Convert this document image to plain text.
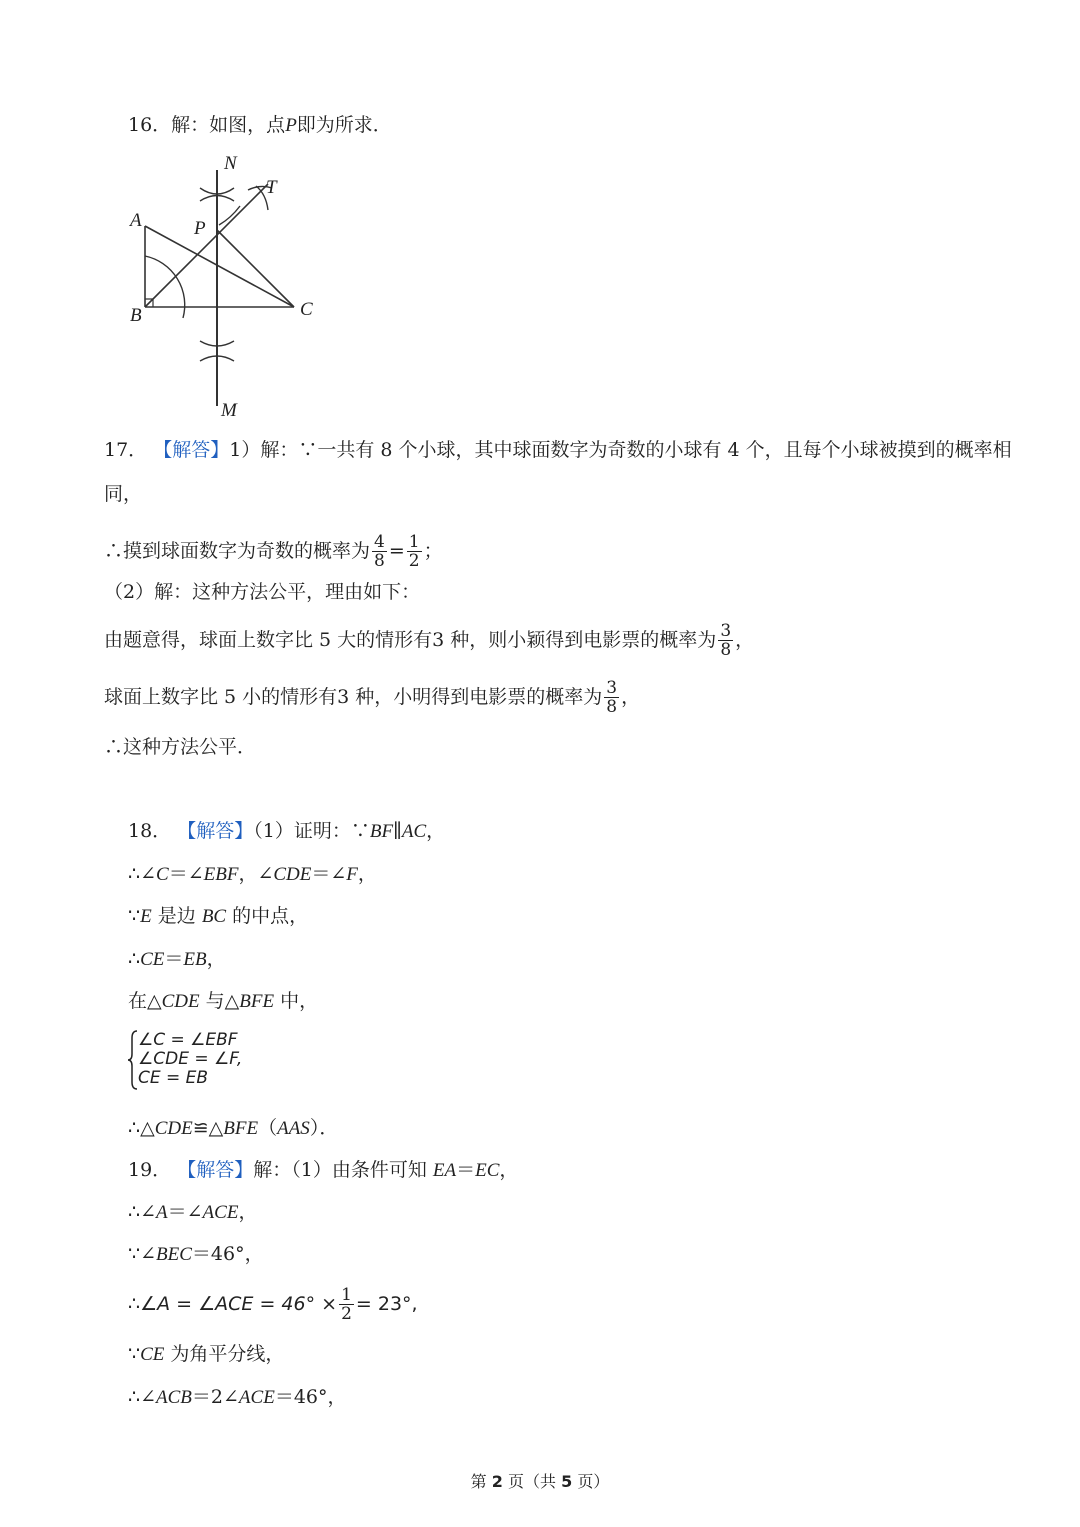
16．解：如图，点P即为所求．
N
T
A	P
B	C
M
17． 【解答】1）解：∵一共有 8 个小球，其中球面数字为奇数的小球有 4 个，且每个小球被摸到的概率相
同，
∴摸到球面数字为奇数的概率为 $\frac{4}{8} = \frac{1}{2}$ ；
（2）解：这种方法公平，理由如下：
由题意得，球面上数字比 5 大的情形有3 种，则小颖得到电影票的概率为 $\frac{3}{8}$ ，
球面上数字比 5 小的情形有3 种，小明得到电影票的概率为 $\frac{3}{8}$ ，
∴这种方法公平．
18． 【解答】（1）证明：∵BF∥AC，
∴∠C＝∠EBF，∠CDE＝∠F，
∵E 是边 BC 的中点，
∴CE＝EB，
在△CDE 与△BFE 中，
∠C = ∠EBF
∠CDE = ∠F,
CE = EB
∴△CDE≌△BFE（AAS）．
19． 【解答】解：（1）由条件可知 EA＝EC，
∴∠A＝∠ACE，
∵∠BEC＝46°，
∴∠A = ∠ACE = $46^\circ \times \frac{1}{2} = 23^\circ$,
∵CE 为角平分线，
∴∠ACB＝2∠ACE＝46°，
第 2 页（共 5 页）
